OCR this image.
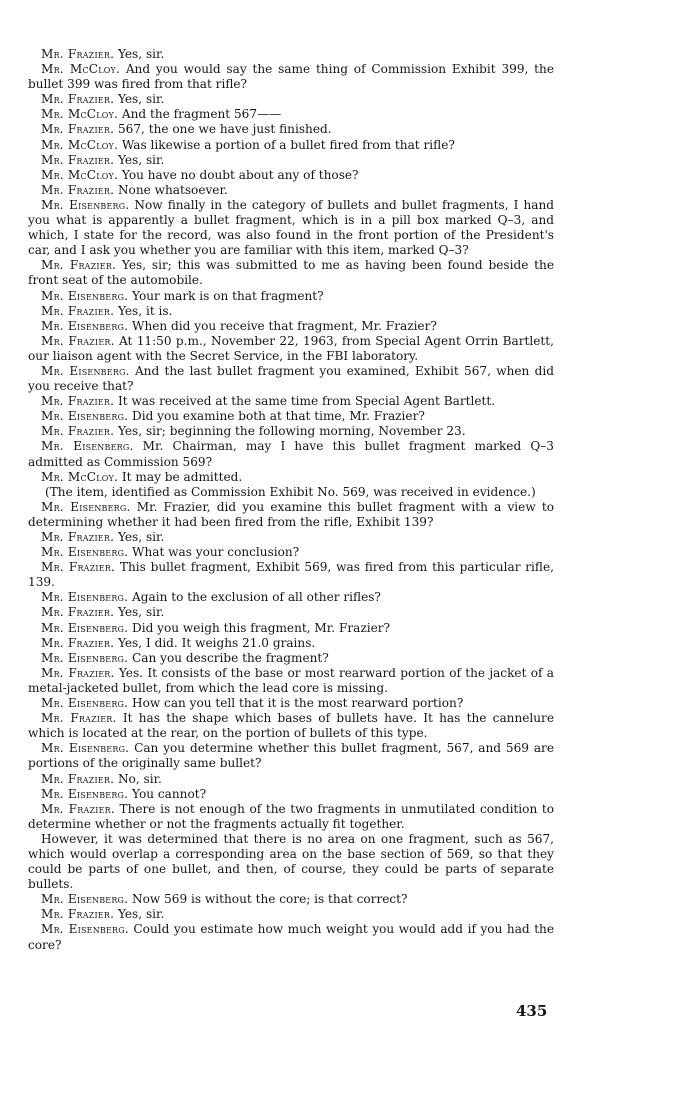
Mr. Frazier. Yes, sir.

Mr. McCloy. And you would say the same thing of Commission Exhibit 399, the bullet 399 was fired from that rifle?

Mr. Frazier. Yes, sir.

Mr. McCloy. And the fragment 567——

Mr. Frazier. 567, the one we have just finished.

Mr. McCloy. Was likewise a portion of a bullet fired from that rifle?

Mr. Frazier. Yes, sir.

Mr. McCloy. You have no doubt about any of those?

Mr. Frazier. None whatsoever.

Mr. Eisenberg. Now finally in the category of bullets and bullet fragments, I hand you what is apparently a bullet fragment, which is in a pill box marked Q–3, and which, I state for the record, was also found in the front portion of the President's car, and I ask you whether you are familiar with this item, marked Q–3?

Mr. Frazier. Yes, sir; this was submitted to me as having been found beside the front seat of the automobile.

Mr. Eisenberg. Your mark is on that fragment?

Mr. Frazier. Yes, it is.

Mr. Eisenberg. When did you receive that fragment, Mr. Frazier?

Mr. Frazier. At 11:50 p.m., November 22, 1963, from Special Agent Orrin Bartlett, our liaison agent with the Secret Service, in the FBI laboratory.

Mr. Eisenberg. And the last bullet fragment you examined, Exhibit 567, when did you receive that?

Mr. Frazier. It was received at the same time from Special Agent Bartlett.

Mr. Eisenberg. Did you examine both at that time, Mr. Frazier?

Mr. Frazier. Yes, sir; beginning the following morning, November 23.

Mr. Eisenberg. Mr. Chairman, may I have this bullet fragment marked Q–3 admitted as Commission 569?

Mr. McCloy. It may be admitted.

(The item, identified as Commission Exhibit No. 569, was received in evidence.)

Mr. Eisenberg. Mr. Frazier, did you examine this bullet fragment with a view to determining whether it had been fired from the rifle, Exhibit 139?

Mr. Frazier. Yes, sir.

Mr. Eisenberg. What was your conclusion?

Mr. Frazier. This bullet fragment, Exhibit 569, was fired from this particular rifle, 139.

Mr. Eisenberg. Again to the exclusion of all other rifles?

Mr. Frazier. Yes, sir.

Mr. Eisenberg. Did you weigh this fragment, Mr. Frazier?

Mr. Frazier. Yes, I did. It weighs 21.0 grains.

Mr. Eisenberg. Can you describe the fragment?

Mr. Frazier. Yes. It consists of the base or most rearward portion of the jacket of a metal-jacketed bullet, from which the lead core is missing.

Mr. Eisenberg. How can you tell that it is the most rearward portion?

Mr. Frazier. It has the shape which bases of bullets have. It has the cannelure which is located at the rear, on the portion of bullets of this type.

Mr. Eisenberg. Can you determine whether this bullet fragment, 567, and 569 are portions of the originally same bullet?

Mr. Frazier. No, sir.

Mr. Eisenberg. You cannot?

Mr. Frazier. There is not enough of the two fragments in unmutilated condition to determine whether or not the fragments actually fit together.

However, it was determined that there is no area on one fragment, such as 567, which would overlap a corresponding area on the base section of 569, so that they could be parts of one bullet, and then, of course, they could be parts of separate bullets.

Mr. Eisenberg. Now 569 is without the core; is that correct?

Mr. Frazier. Yes, sir.

Mr. Eisenberg. Could you estimate how much weight you would add if you had the core?

435
